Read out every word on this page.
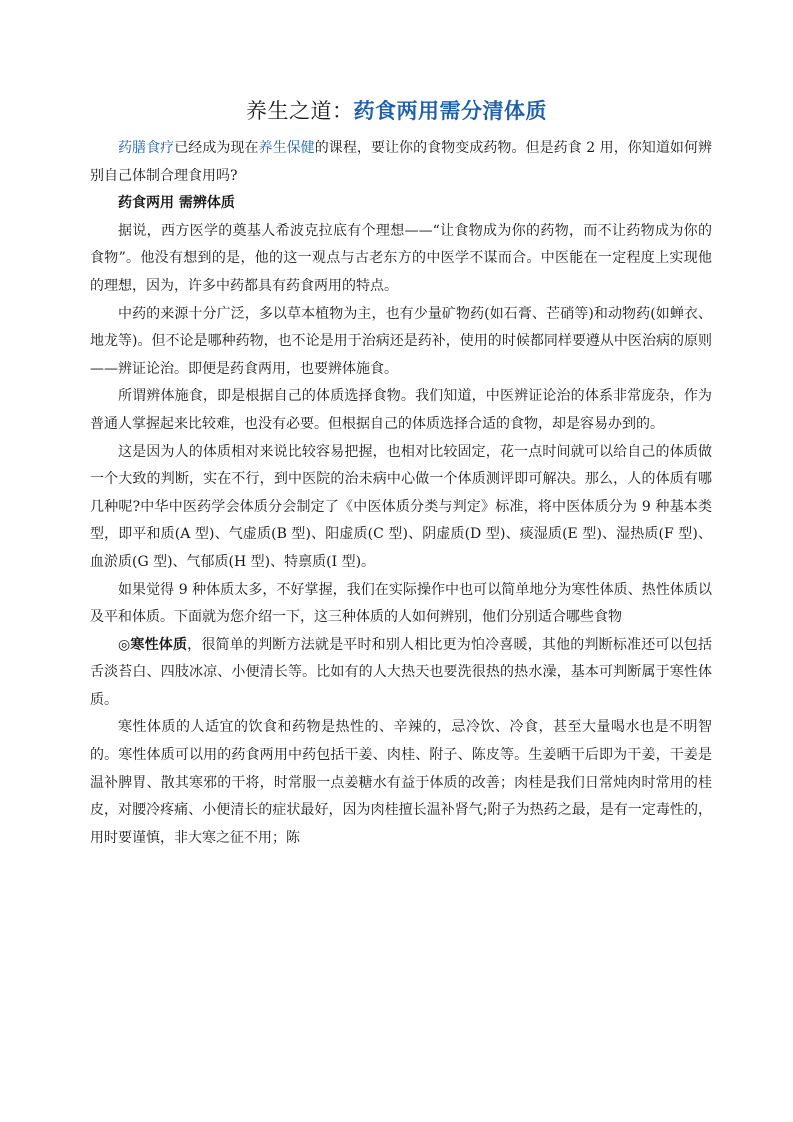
养生之道：药食两用需分清体质

药膳食疗已经成为现在养生保健的课程，要让你的食物变成药物。但是药食 2 用，你知道如何辨别自己体制合理食用吗?

药食两用 需辨体质

据说，西方医学的奠基人希波克拉底有个理想——“让食物成为你的药物，而不让药物成为你的食物”。他没有想到的是，他的这一观点与古老东方的中医学不谋而合。中医能在一定程度上实现他的理想，因为，许多中药都具有药食两用的特点。

中药的来源十分广泛，多以草本植物为主，也有少量矿物药(如石膏、芒硝等)和动物药(如蝉衣、地龙等)。但不论是哪种药物，也不论是用于治病还是药补，使用的时候都同样要遵从中医治病的原则——辨证论治。即便是药食两用，也要辨体施食。

所谓辨体施食，即是根据自己的体质选择食物。我们知道，中医辨证论治的体系非常庞杂，作为普通人掌握起来比较难，也没有必要。但根据自己的体质选择合适的食物，却是容易办到的。

这是因为人的体质相对来说比较容易把握，也相对比较固定，花一点时间就可以给自己的体质做一个大致的判断，实在不行，到中医院的治未病中心做一个体质测评即可解决。那么，人的体质有哪几种呢?中华中医药学会体质分会制定了《中医体质分类与判定》标准，将中医体质分为 9 种基本类型，即平和质(A 型)、气虚质(B 型)、阳虚质(C 型)、阴虚质(D 型)、痰湿质(E 型)、湿热质(F 型)、血淤质(G 型)、气郁质(H 型)、特禀质(I 型)。

如果觉得 9 种体质太多，不好掌握，我们在实际操作中也可以简单地分为寒性体质、热性体质以及平和体质。下面就为您介绍一下，这三种体质的人如何辨别，他们分别适合哪些食物

◎寒性体质，很简单的判断方法就是平时和别人相比更为怕冷喜暖，其他的判断标准还可以包括舌淡苔白、四肢冰凉、小便清长等。比如有的人大热天也要洗很热的热水澡，基本可判断属于寒性体质。

寒性体质的人适宜的饮食和药物是热性的、辛辣的，忌冷饮、冷食，甚至大量喝水也是不明智的。寒性体质可以用的药食两用中药包括干姜、肉桂、附子、陈皮等。生姜晒干后即为干姜，干姜是温补脾胃、散其寒邪的干将，时常服一点姜糖水有益于体质的改善；肉桂是我们日常炖肉时常用的桂皮，对腰冷疼痛、小便清长的症状最好，因为肉桂擅长温补肾气;附子为热药之最，是有一定毒性的，用时要谨慎，非大寒之征不用；陈
